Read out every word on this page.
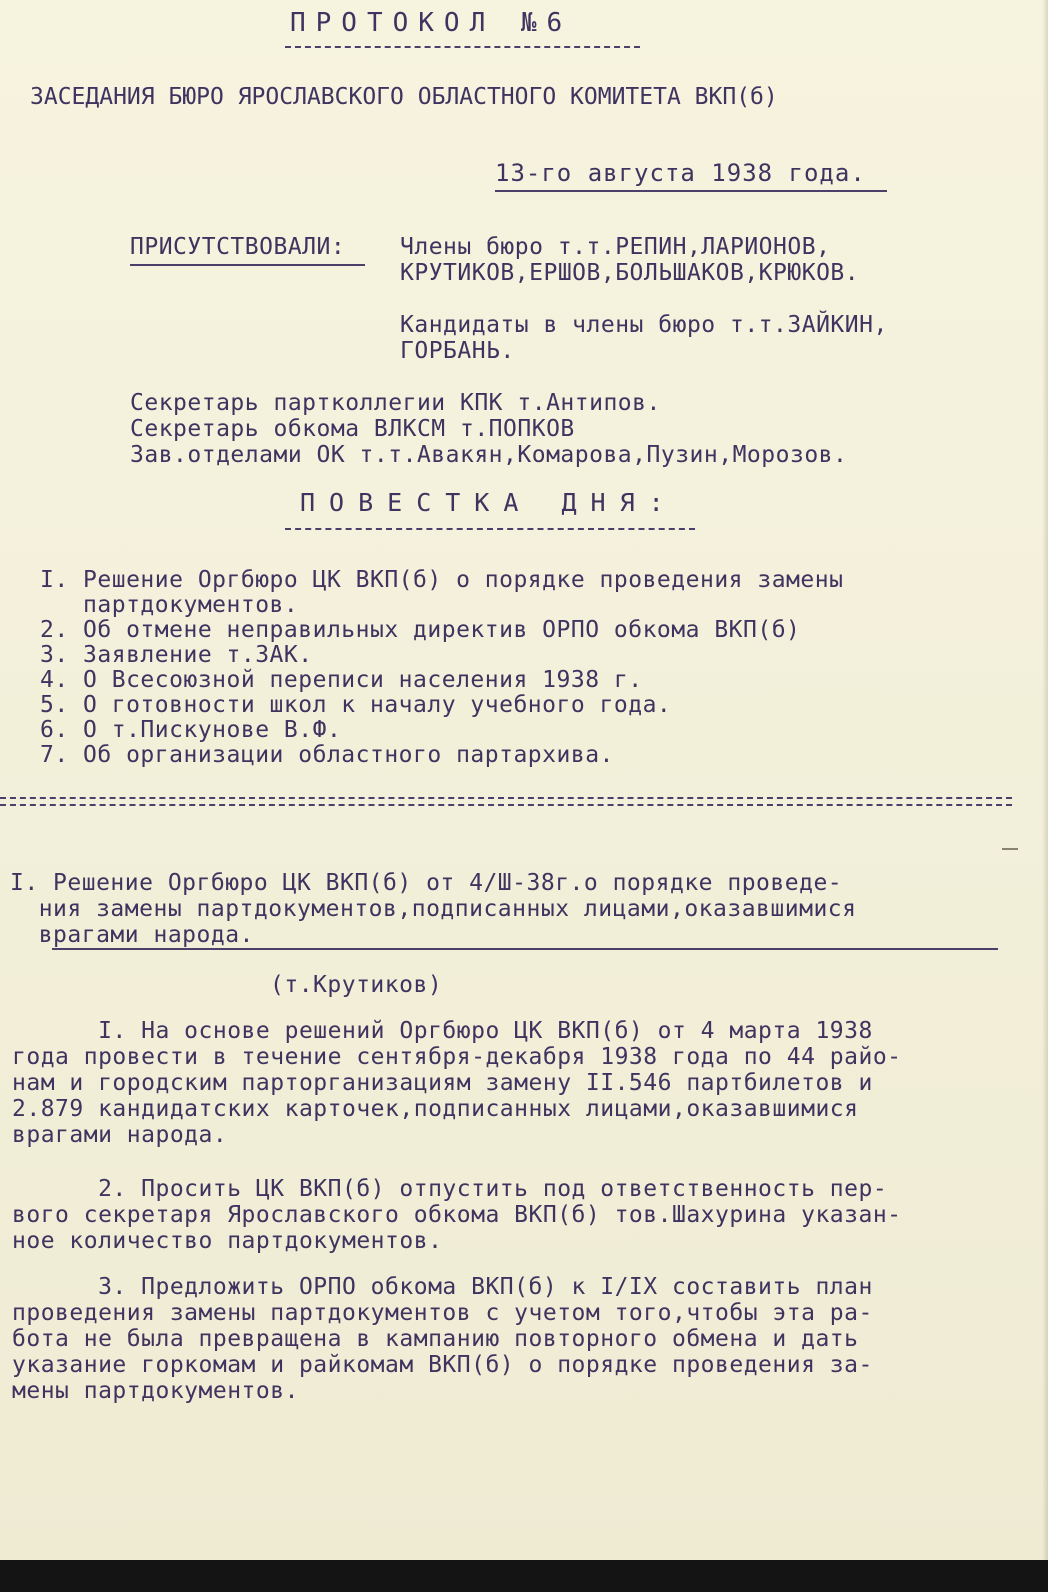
ПРОТОКОЛ №6
ЗАСЕДАНИЯ БЮРО ЯРОСЛАВСКОГО ОБЛАСТНОГО КОМИТЕТА ВКП(б)
13-го августа 1938 года.
ПРИСУТСТВОВАЛИ: Члены бюро т.т.РЕПИН,ЛАРИОНОВ,
КРУТИКОВ,ЕРШОВ,БОЛЬШАКОВ,КРЮКОВ.
Кандидаты в члены бюро т.т.ЗАЙКИН,
ГОРБАНЬ.
Секретарь партколлегии КПК т.Антипов.
Секретарь обкома ВЛКСМ т.ПОПКОВ
Зав.отделами ОК т.т.Авакян,Комарова,Пузин,Морозов.
ПОВЕСТКА ДНЯ:
I. Решение Оргбюро ЦК ВКП(б) о порядке проведения замены
партдокументов.
2. Об отмене неправильных директив ОРПО обкома ВКП(б)
3. Заявление т.ЗАК.
4. О Всесоюзной переписи населения 1938 г.
5. О готовности школ к началу учебного года.
6. О т.Пискунове В.Ф.
7. Об организации областного партархива.
I. Решение Оргбюро ЦК ВКП(б) от 4/Ш-38г.о порядке проведе-
ния замены партдокументов,подписанных лицами,оказавшимися
врагами народа.
(т.Крутиков)
I. На основе решений Оргбюро ЦК ВКП(б) от 4 марта 1938
года провести в течение сентября-декабря 1938 года по 44 райо-
нам и городским парторганизациям замену II.546 партбилетов и
2.879 кандидатских карточек,подписанных лицами,оказавшимися
врагами народа.
2. Просить ЦК ВКП(б) отпустить под ответственность пер-
вого секретаря Ярославского обкома ВКП(б) тов.Шахурина указан-
ное количество партдокументов.
3. Предложить ОРПО обкома ВКП(б) к I/IX составить план
проведения замены партдокументов с учетом того,чтобы эта ра-
бота не была превращена в кампанию повторного обмена и дать
указание горкомам и райкомам ВКП(б) о порядке проведения за-
мены партдокументов.
